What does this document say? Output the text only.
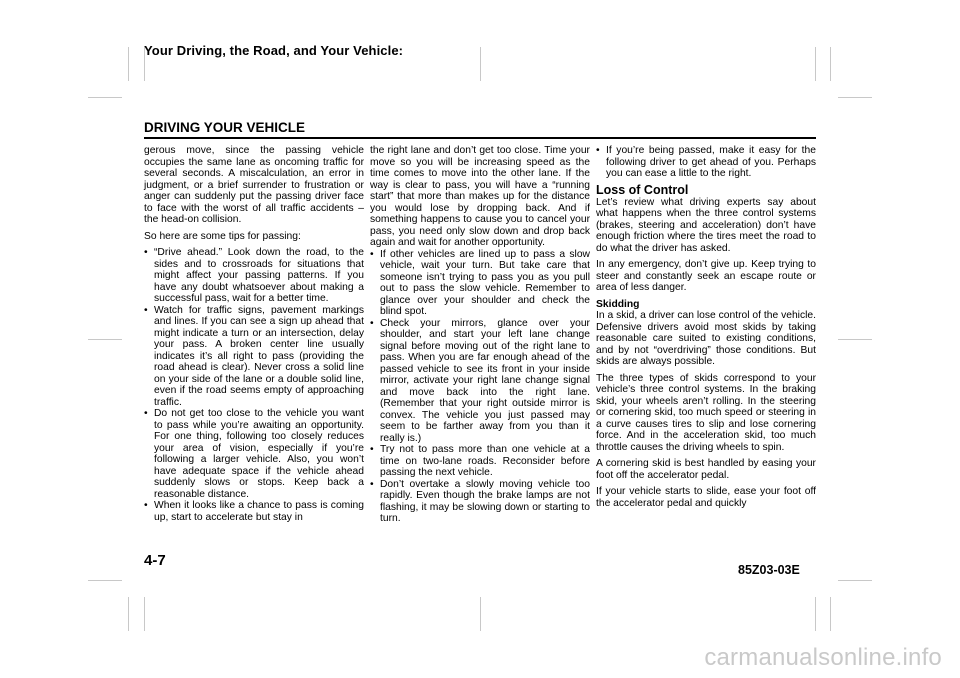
Your Driving, the Road, and Your Vehicle:
DRIVING YOUR VEHICLE

gerous move, since the passing vehicle occupies the same lane as oncoming traffic for several seconds. A miscalculation, an error in judgment, or a brief surrender to frustration or anger can suddenly put the passing driver face to face with the worst of all traffic accidents – the head-on collision.

So here are some tips for passing:

• “Drive ahead.” Look down the road, to the sides and to crossroads for situations that might affect your passing patterns. If you have any doubt whatsoever about making a successful pass, wait for a better time.
• Watch for traffic signs, pavement markings and lines. If you can see a sign up ahead that might indicate a turn or an intersection, delay your pass. A broken center line usually indicates it’s all right to pass (providing the road ahead is clear). Never cross a solid line on your side of the lane or a double solid line, even if the road seems empty of approaching traffic.
• Do not get too close to the vehicle you want to pass while you’re awaiting an opportunity. For one thing, following too closely reduces your area of vision, especially if you’re following a larger vehicle. Also, you won’t have adequate space if the vehicle ahead suddenly slows or stops. Keep back a reasonable distance.
• When it looks like a chance to pass is coming up, start to accelerate but stay in

the right lane and don’t get too close. Time your move so you will be increasing speed as the time comes to move into the other lane. If the way is clear to pass, you will have a “running start” that more than makes up for the distance you would lose by dropping back. And if something happens to cause you to cancel your pass, you need only slow down and drop back again and wait for another opportunity.

• If other vehicles are lined up to pass a slow vehicle, wait your turn. But take care that someone isn’t trying to pass you as you pull out to pass the slow vehicle. Remember to glance over your shoulder and check the blind spot.
• Check your mirrors, glance over your shoulder, and start your left lane change signal before moving out of the right lane to pass. When you are far enough ahead of the passed vehicle to see its front in your inside mirror, activate your right lane change signal and move back into the right lane. (Remember that your right outside mirror is convex. The vehicle you just passed may seem to be farther away from you than it really is.)
• Try not to pass more than one vehicle at a time on two-lane roads. Reconsider before passing the next vehicle.
• Don’t overtake a slowly moving vehicle too rapidly. Even though the brake lamps are not flashing, it may be slowing down or starting to turn.
• If you’re being passed, make it easy for the following driver to get ahead of you. Perhaps you can ease a little to the right.
Loss of Control

Let’s review what driving experts say about what happens when the three control systems (brakes, steering and acceleration) don’t have enough friction where the tires meet the road to do what the driver has asked.

In any emergency, don’t give up. Keep trying to steer and constantly seek an escape route or area of less danger.

Skidding

In a skid, a driver can lose control of the vehicle. Defensive drivers avoid most skids by taking reasonable care suited to existing conditions, and by not “overdriving” those conditions. But skids are always possible.

The three types of skids correspond to your vehicle’s three control systems. In the braking skid, your wheels aren’t rolling. In the steering or cornering skid, too much speed or steering in a curve causes tires to slip and lose cornering force. And in the acceleration skid, too much throttle causes the driving wheels to spin.

A cornering skid is best handled by easing your foot off the accelerator pedal.

If your vehicle starts to slide, ease your foot off the accelerator pedal and quickly

4-7
85Z03-03E
carmanualsonline.info
